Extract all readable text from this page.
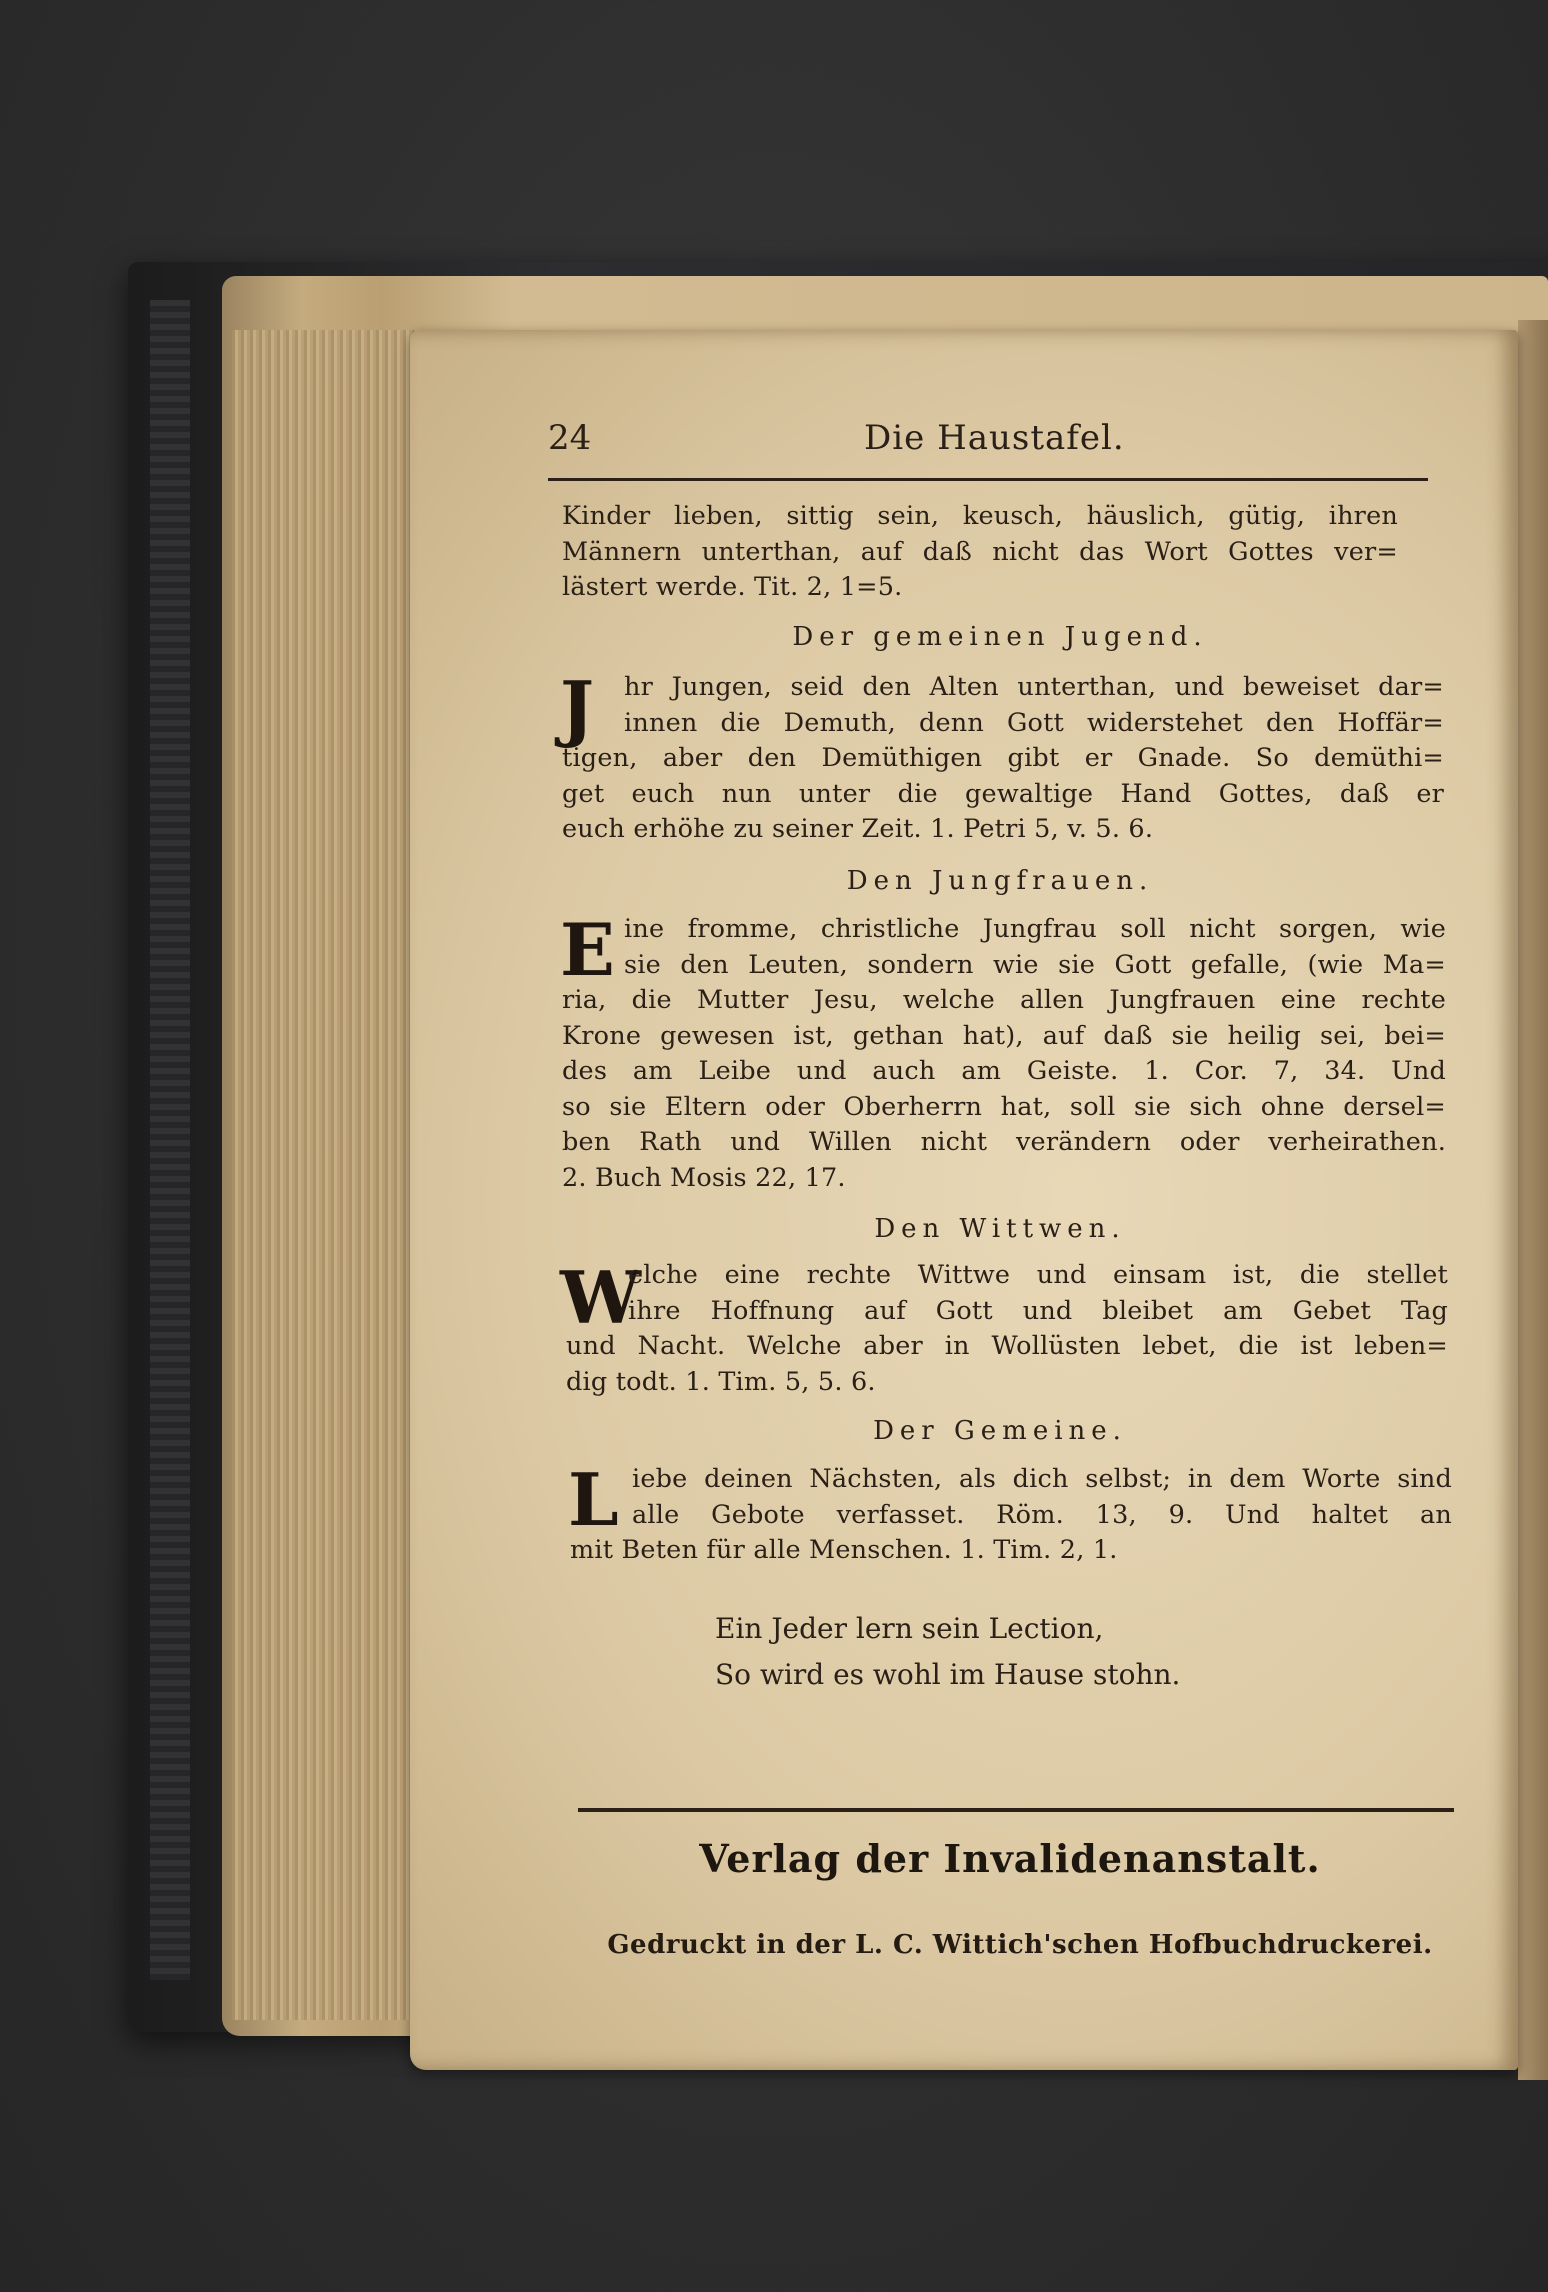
24	Die Haustafel.
Kinder lieben, sittig sein, keusch, häuslich, gütig, ihren
Männern unterthan, auf daß nicht das Wort Gottes ver=
lästert werde. Tit. 2, 1=5.
Der gemeinen Jugend.
J	hr Jungen, seid den Alten unterthan, und beweiset dar=
innen die Demuth, denn Gott widerstehet den Hoffär=
tigen, aber den Demüthigen gibt er Gnade. So demüthi=
get euch nun unter die gewaltige Hand Gottes, daß er
euch erhöhe zu seiner Zeit. 1. Petri 5, v. 5. 6.
Den Jungfrauen.
E ine fromme, christliche Jungfrau soll nicht sorgen, wie
sie den Leuten, sondern wie sie Gott gefalle, (wie Ma=
ria, die Mutter Jesu, welche allen Jungfrauen eine rechte
Krone gewesen ist, gethan hat), auf daß sie heilig sei, bei=
des am Leibe und auch am Geiste. 1. Cor. 7, 34. Und
so sie Eltern oder Oberherrn hat, soll sie sich ohne dersel=
ben Rath und Willen nicht verändern oder verheirathen.
2. Buch Mosis 22, 17.
Den Wittwen.
W
elche eine rechte Wittwe und einsam ist, die stellet
ihre Hoffnung auf Gott und bleibet am Gebet Tag
und Nacht. Welche aber in Wollüsten lebet, die ist leben=
dig todt. 1. Tim. 5, 5. 6.
Der Gemeine.
L iebe deinen Nächsten, als dich selbst; in dem Worte sind
alle Gebote verfasset. Röm. 13, 9. Und haltet an
mit Beten für alle Menschen. 1. Tim. 2, 1.
Ein Jeder lern sein Lection,
So wird es wohl im Hause stohn.
Verlag der Invalidenanstalt.
Gedruckt in der L. C. Wittich'schen Hofbuchdruckerei.
